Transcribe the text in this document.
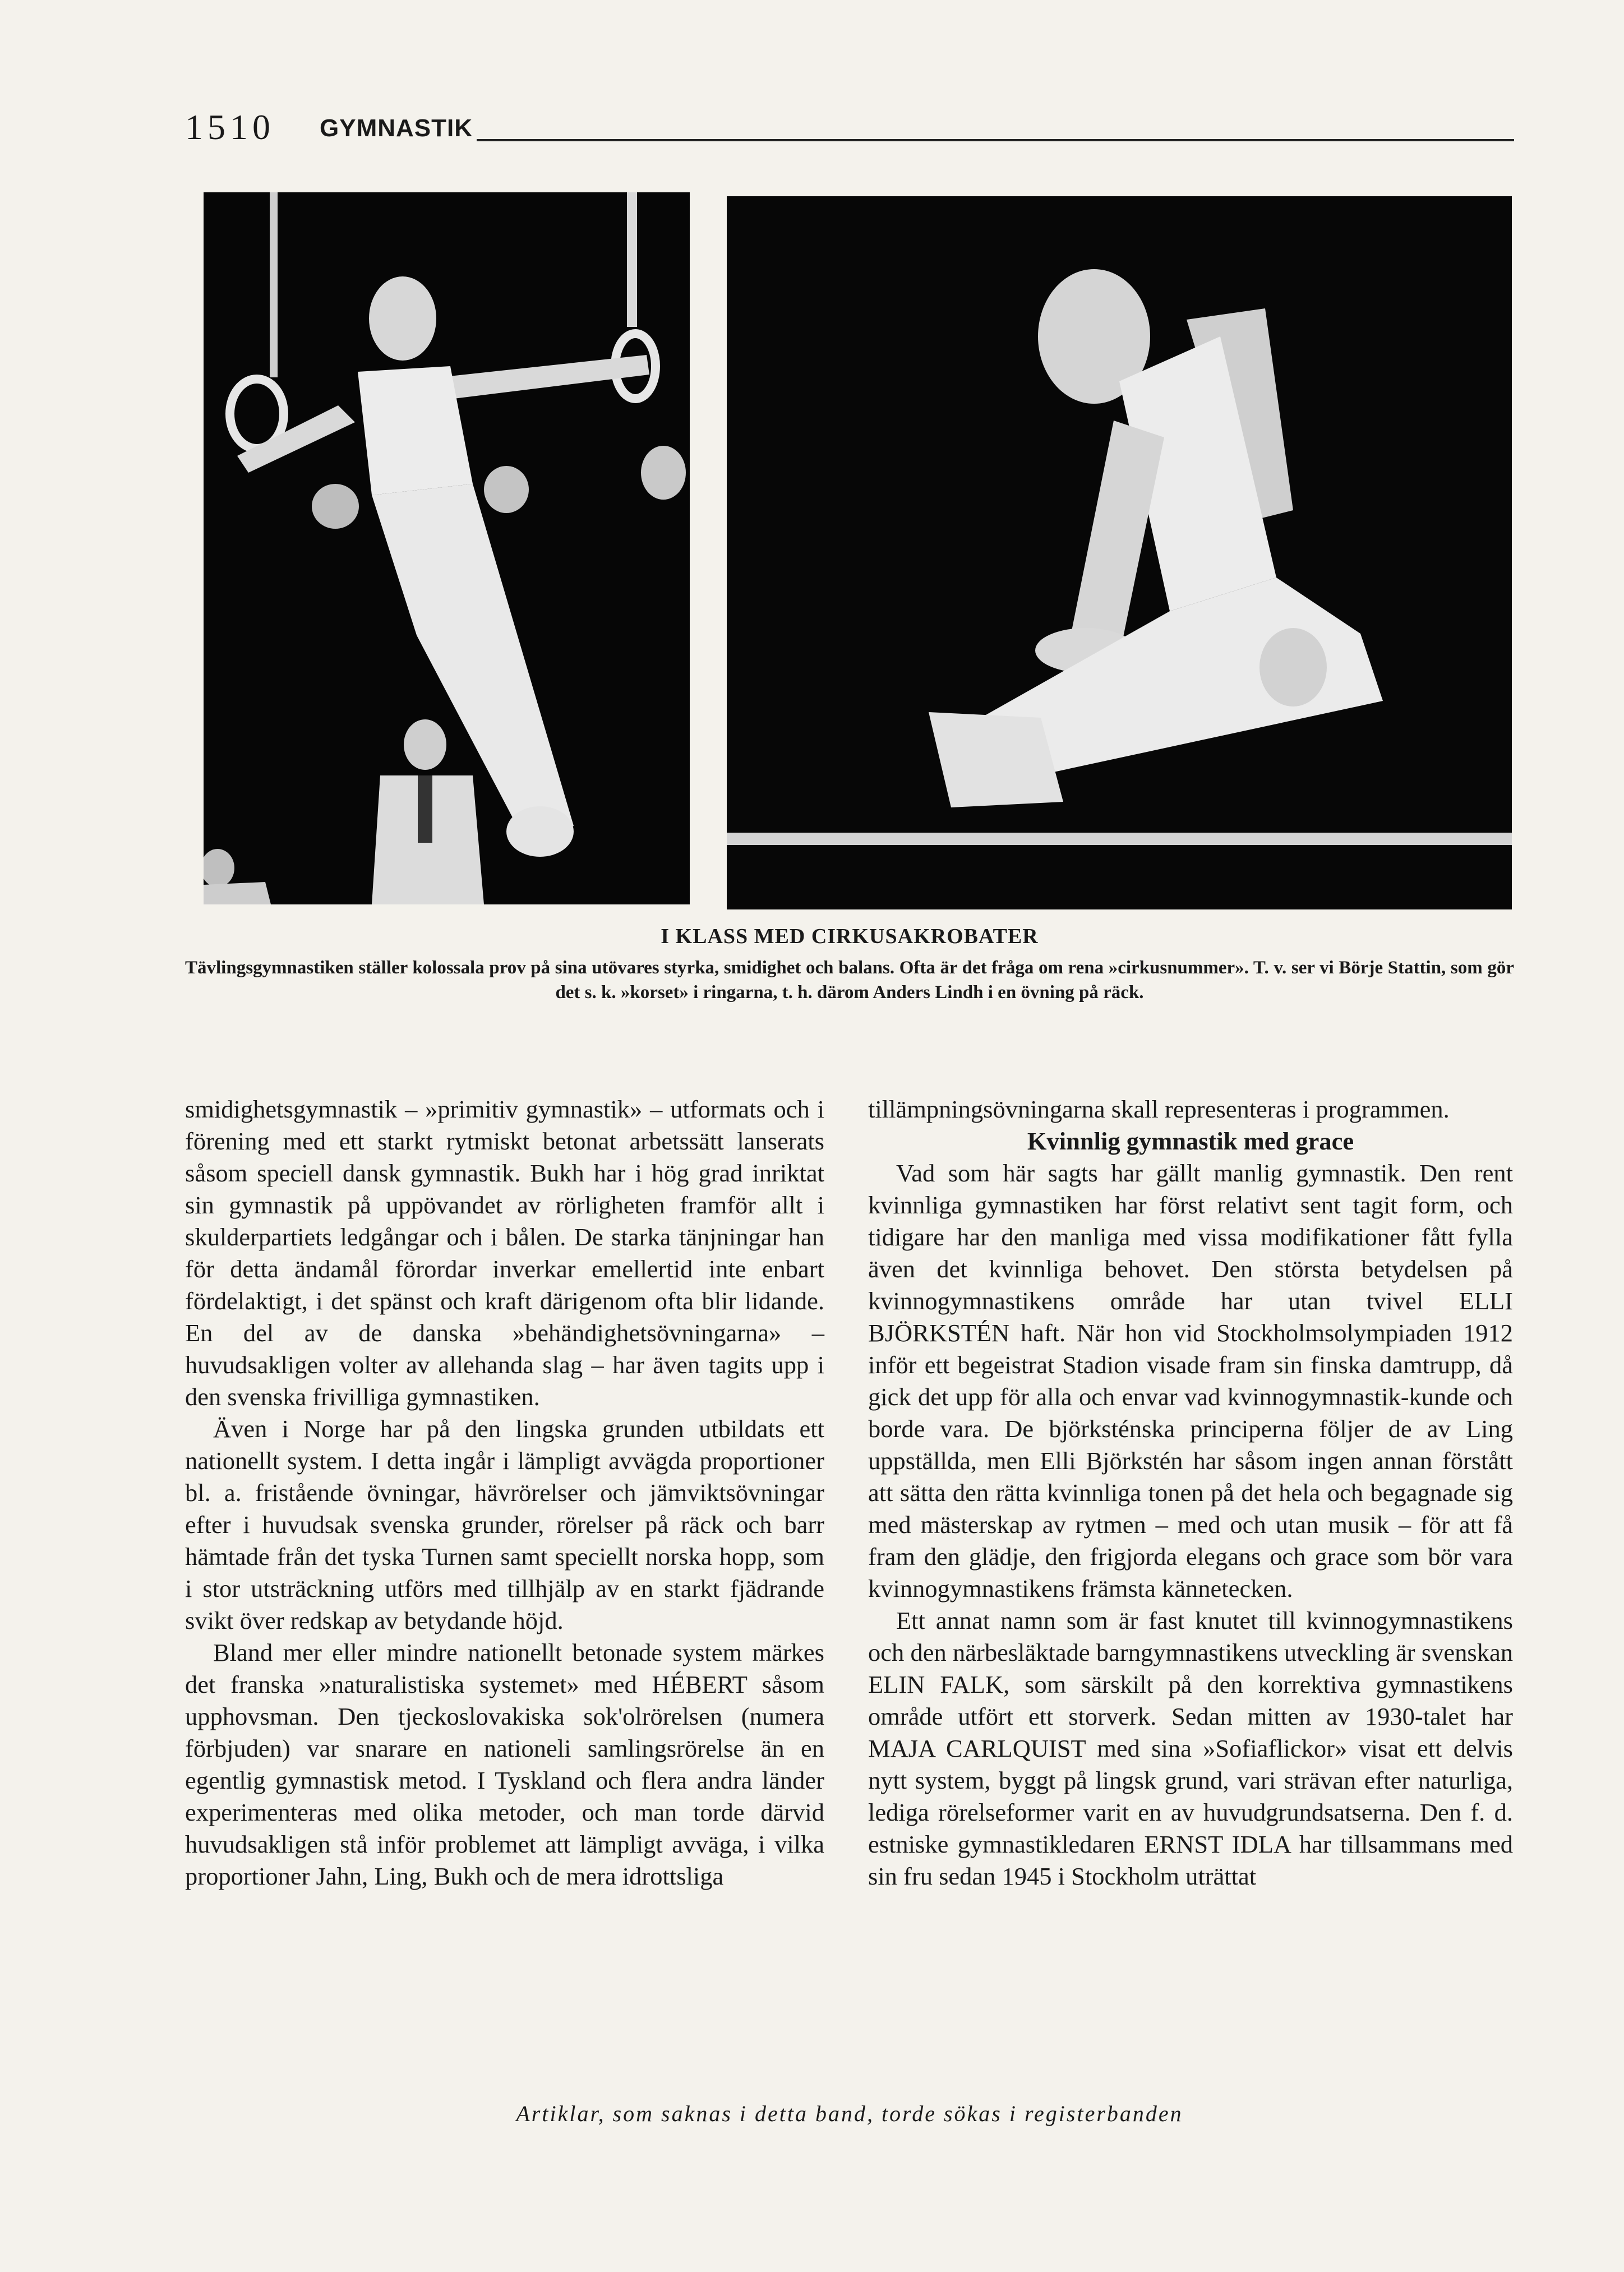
1510 GYMNASTIK
I KLASS MED CIRKUSAKROBATER
Tävlingsgymnastiken ställer kolossala prov på sina utövares styrka, smidighet och balans. Ofta är det fråga om rena »cirkusnummer». T. v. ser vi Börje Stattin, som gör det s. k. »korset» i ringarna, t. h. därom Anders Lindh i en övning på räck.

smidighetsgymnastik – »primitiv gymnastik» – utformats och i förening med ett starkt rytmiskt betonat arbetssätt lanserats såsom speciell dansk gymnastik. Bukh har i hög grad inriktat sin gymnastik på uppövandet av rörligheten framför allt i skulderpartiets ledgångar och i bålen. De starka tänjningar han för detta ändamål förordar inverkar emellertid inte enbart fördelaktigt, i det spänst och kraft därigenom ofta blir lidande. En del av de danska »behändighetsövningarna» – huvudsakligen volter av allehanda slag – har även tagits upp i den svenska frivilliga gymnastiken.

Även i Norge har på den lingska grunden utbildats ett nationellt system. I detta ingår i lämpligt avvägda proportioner bl. a. fristående övningar, hävrörelser och jämviktsövningar efter i huvudsak svenska grunder, rörelser på räck och barr hämtade från det tyska Turnen samt speciellt norska hopp, som i stor utsträckning utförs med tillhjälp av en starkt fjädrande svikt över redskap av betydande höjd.

Bland mer eller mindre nationellt betonade system märkes det franska »naturalistiska systemet» med HÉBERT såsom upphovsman. Den tjeckoslovakiska sok'olrörelsen (numera förbjuden) var snarare en nationeli samlingsrörelse än en egentlig gymnastisk metod. I Tyskland och flera andra länder experimenteras med olika metoder, och man torde därvid huvudsakligen stå inför problemet att lämpligt avväga, i vilka proportioner Jahn, Ling, Bukh och de mera idrottsliga

tillämpningsövningarna skall representeras i programmen.

Kvinnlig gymnastik med grace

Vad som här sagts har gällt manlig gymnastik. Den rent kvinnliga gymnastiken har först relativt sent tagit form, och tidigare har den manliga med vissa modifikationer fått fylla även det kvinnliga behovet. Den största betydelsen på kvinnogymnastikens område har utan tvivel ELLI BJÖRKSTÉN haft. När hon vid Stockholmsolympiaden 1912 inför ett begeistrat Stadion visade fram sin finska damtrupp, då gick det upp för alla och envar vad kvinnogymnastik-kunde och borde vara. De björksténska principerna följer de av Ling uppställda, men Elli Björkstén har såsom ingen annan förstått att sätta den rätta kvinnliga tonen på det hela och begagnade sig med mästerskap av rytmen – med och utan musik – för att få fram den glädje, den frigjorda elegans och grace som bör vara kvinnogymnastikens främsta kännetecken.

Ett annat namn som är fast knutet till kvinnogymnastikens och den närbesläktade barngymnastikens utveckling är svenskan ELIN FALK, som särskilt på den korrektiva gymnastikens område utfört ett storverk. Sedan mitten av 1930-talet har MAJA CARLQUIST med sina »Sofiaflickor» visat ett delvis nytt system, byggt på lingsk grund, vari strävan efter naturliga, lediga rörelseformer varit en av huvudgrundsatserna. Den f. d. estniske gymnastikledaren ERNST IDLA har tillsammans med sin fru sedan 1945 i Stockholm uträttat

Artiklar, som saknas i detta band, torde sökas i registerbanden
